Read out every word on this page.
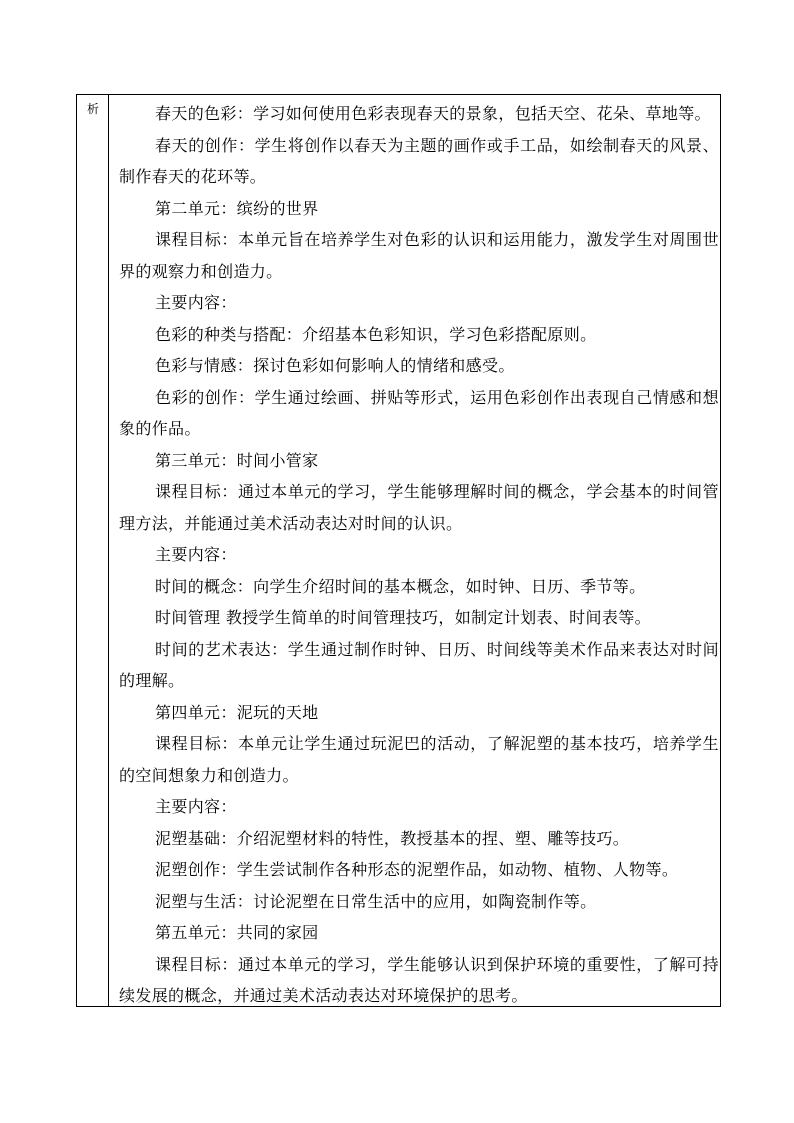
析	春天的色彩：学习如何使用色彩表现春天的景象，包括天空、花朵、草地等。

春天的创作：学生将创作以春天为主题的画作或手工品，如绘制春天的风景、制作春天的花环等。

第二单元：缤纷的世界

课程目标：本单元旨在培养学生对色彩的认识和运用能力，激发学生对周围世界的观察力和创造力。

主要内容：

色彩的种类与搭配：介绍基本色彩知识，学习色彩搭配原则。

色彩与情感：探讨色彩如何影响人的情绪和感受。

色彩的创作：学生通过绘画、拼贴等形式，运用色彩创作出表现自己情感和想象的作品。

第三单元：时间小管家

课程目标：通过本单元的学习，学生能够理解时间的概念，学会基本的时间管理方法，并能通过美术活动表达对时间的认识。

主要内容：

时间的概念：向学生介绍时间的基本概念，如时钟、日历、季节等。

时间管理 教授学生简单的时间管理技巧，如制定计划表、时间表等。

时间的艺术表达：学生通过制作时钟、日历、时间线等美术作品来表达对时间的理解。

第四单元：泥玩的天地

课程目标：本单元让学生通过玩泥巴的活动，了解泥塑的基本技巧，培养学生的空间想象力和创造力。

主要内容：

泥塑基础：介绍泥塑材料的特性，教授基本的捏、塑、雕等技巧。

泥塑创作：学生尝试制作各种形态的泥塑作品，如动物、植物、人物等。

泥塑与生活：讨论泥塑在日常生活中的应用，如陶瓷制作等。

第五单元：共同的家园

课程目标：通过本单元的学习，学生能够认识到保护环境的重要性，了解可持续发展的概念，并通过美术活动表达对环境保护的思考。
